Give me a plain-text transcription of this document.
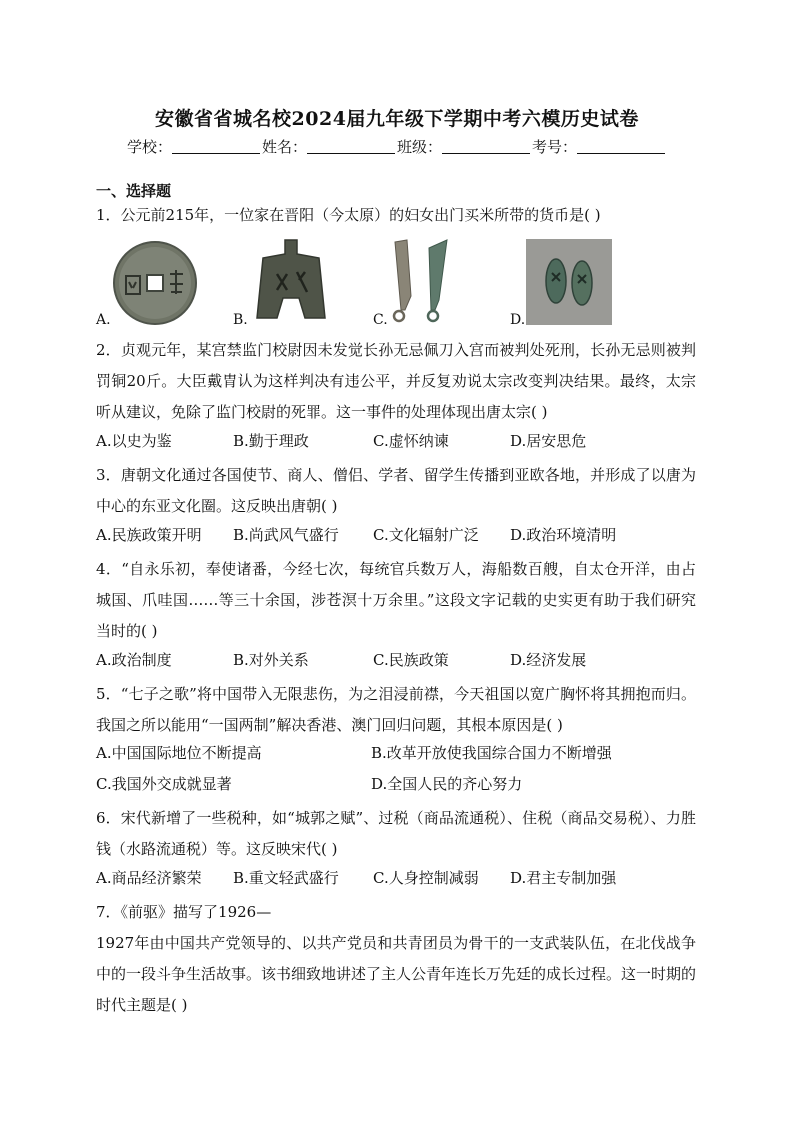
安徽省省城名校2024届九年级下学期中考六模历史试卷
学校：	姓名：	班级：	考号：
一、选择题
1．公元前215年，一位家在晋阳（今太原）的妇女出门买米所带的货币是( )
A.	B.	C.	D.
2．贞观元年，某宫禁监门校尉因未发觉长孙无忌佩刀入宫而被判处死刑，长孙无忌则被判罚铜20斤。大臣戴胄认为这样判决有违公平，并反复劝说太宗改变判决结果。最终，太宗听从建议，免除了监门校尉的死罪。这一事件的处理体现出唐太宗( )
A.以史为鉴	B.勤于理政	C.虚怀纳谏	D.居安思危
3．唐朝文化通过各国使节、商人、僧侣、学者、留学生传播到亚欧各地，并形成了以唐为中心的东亚文化圈。这反映出唐朝( )
A.民族政策开明 B.尚武风气盛行 C.文化辐射广泛 D.政治环境清明
4．“自永乐初，奉使诸番，今经七次，每统官兵数万人，海船数百艘，自太仓开洋，由占城国、爪哇国……等三十余国，涉苍溟十万余里。”这段文字记载的史实更有助于我们研究当时的( )
A.政治制度	B.对外关系	C.民族政策	D.经济发展
5．“七子之歌”将中国带入无限悲伤，为之泪浸前襟，今天祖国以宽广胸怀将其拥抱而归。我国之所以能用“一国两制”解决香港、澳门回归问题，其根本原因是( )
A.中国国际地位不断提高	B.改革开放使我国综合国力不断增强
C.我国外交成就显著	D.全国人民的齐心努力
6．宋代新增了一些税种，如“城郭之赋”、过税（商品流通税）、住税（商品交易税）、力胜钱（水路流通税）等。这反映宋代( )
A.商品经济繁荣 B.重文轻武盛行 C.人身控制减弱 D.君主专制加强
7．《前驱》描写了1926—
1927年由中国共产党领导的、以共产党员和共青团员为骨干的一支武装队伍，在北伐战争中的一段斗争生活故事。该书细致地讲述了主人公青年连长万先廷的成长过程。这一时期的时代主题是( )
